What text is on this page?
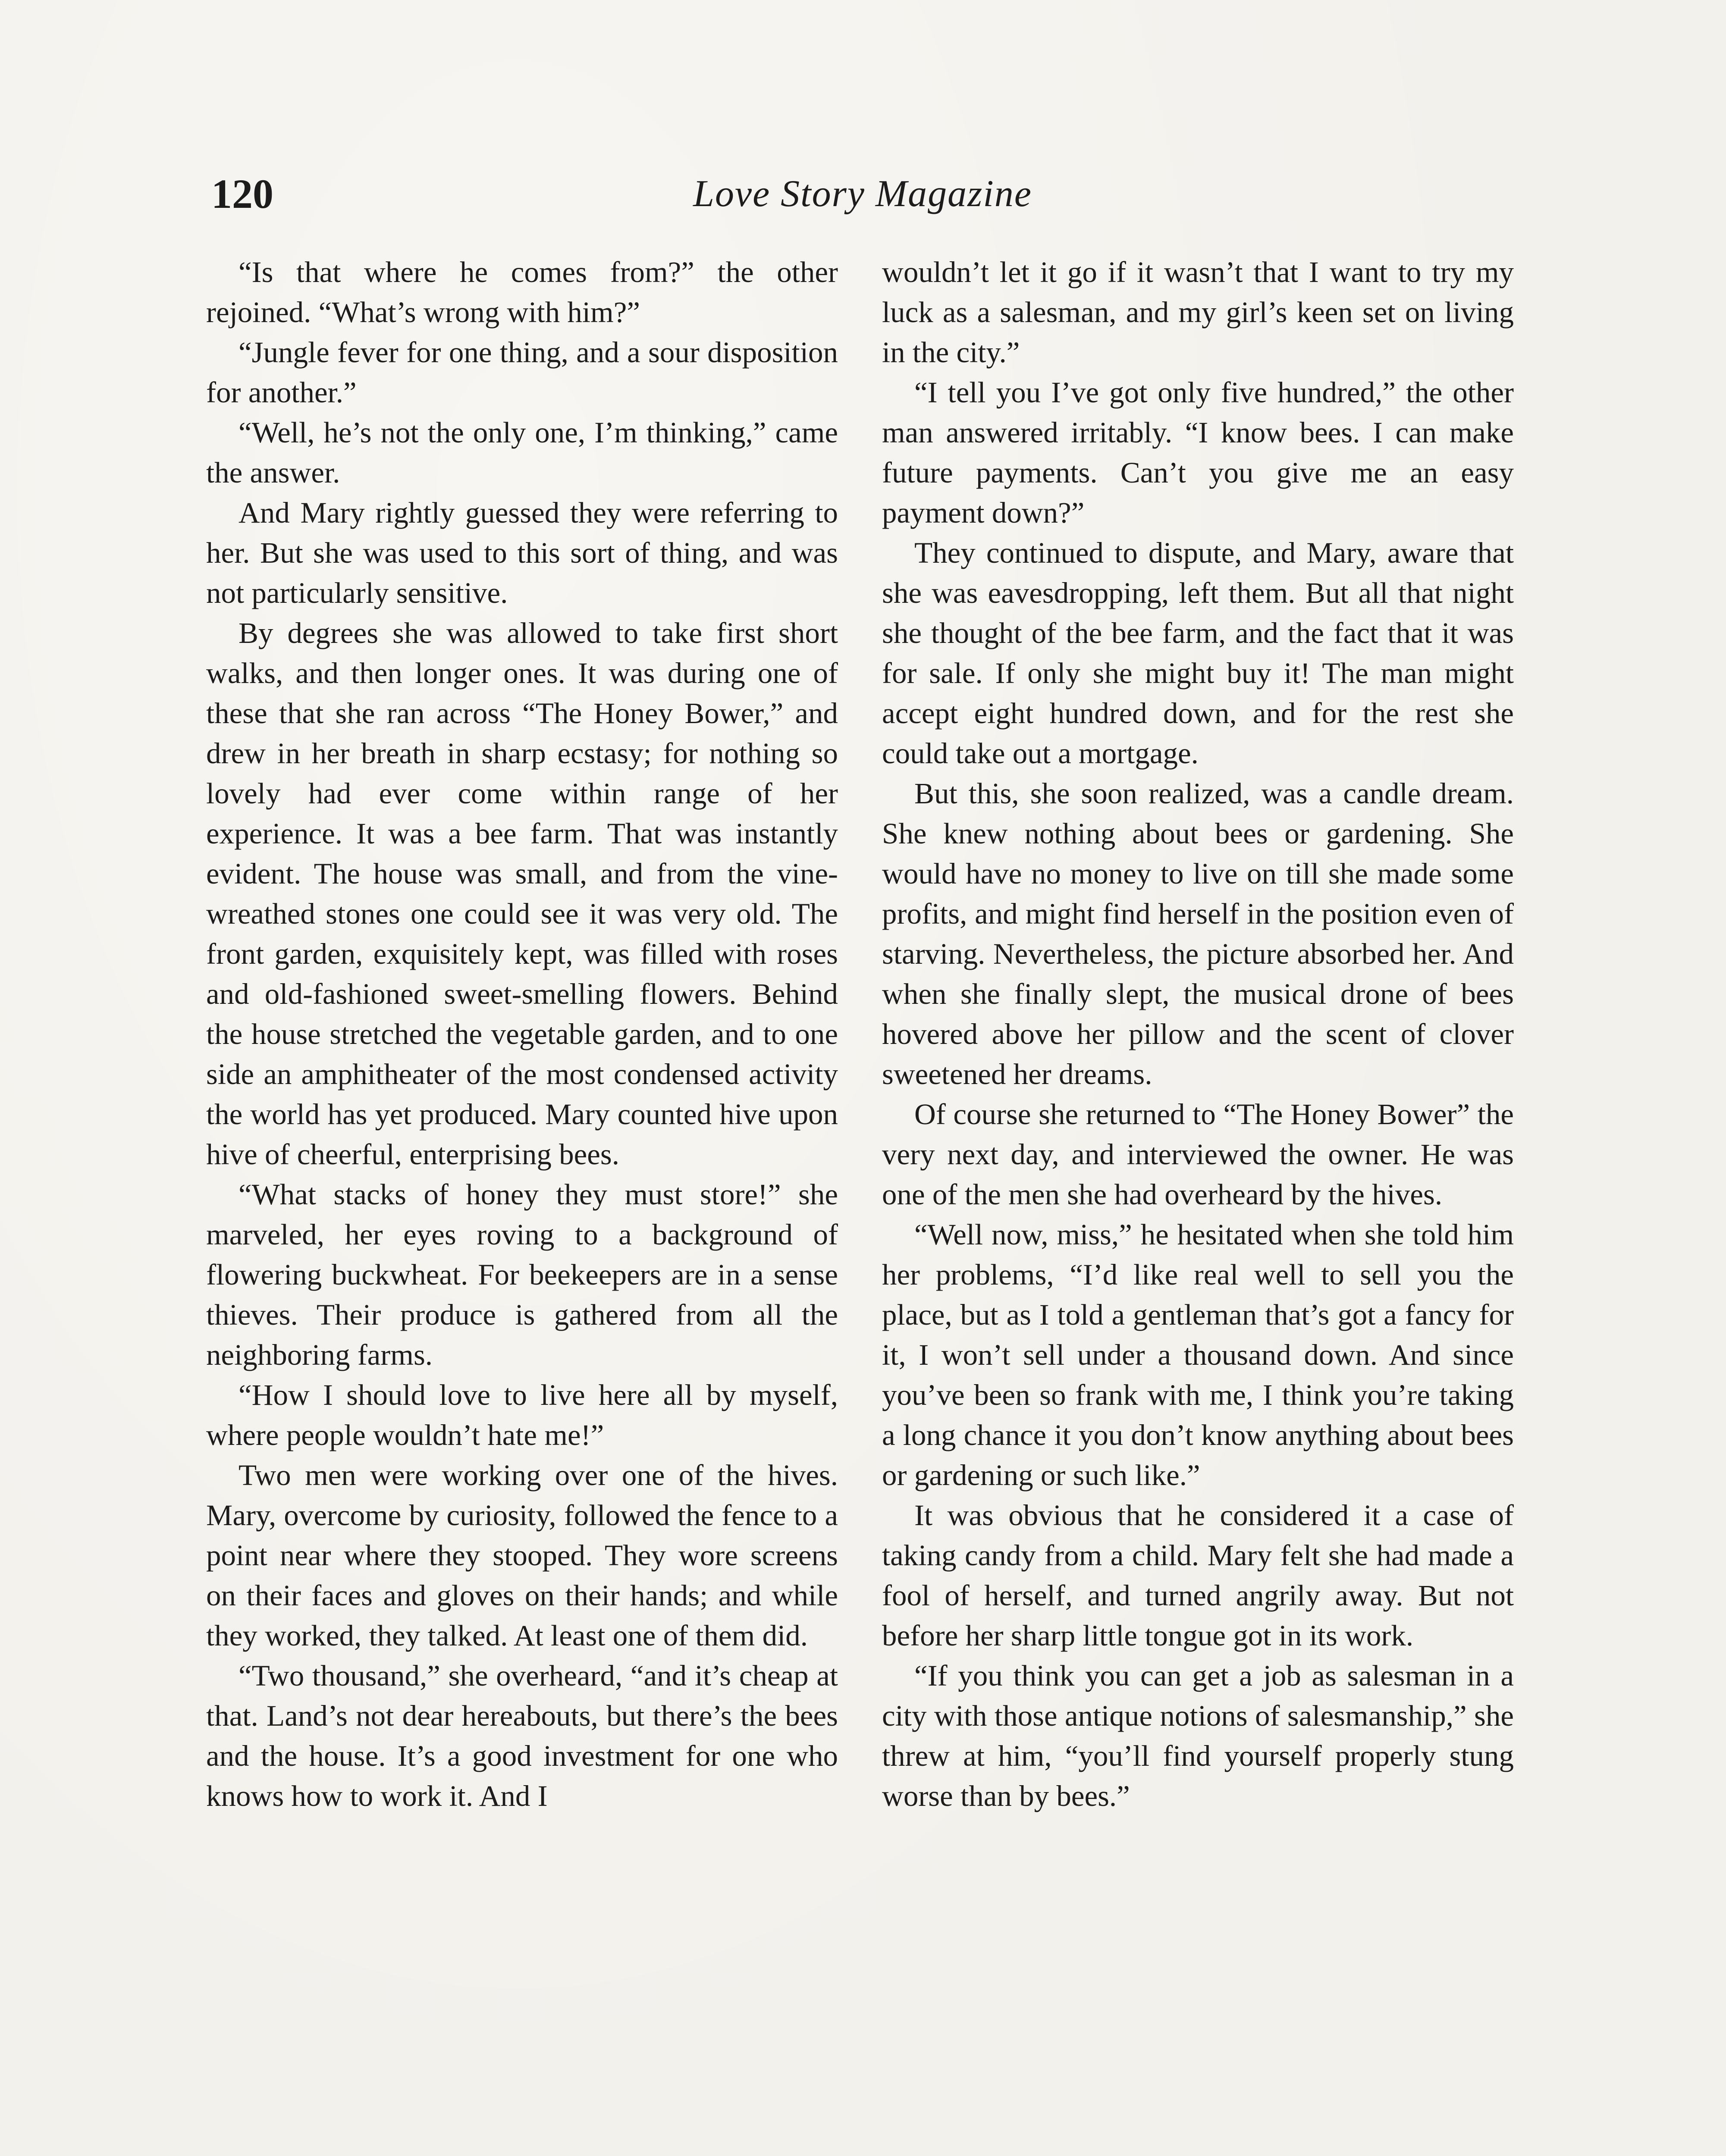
120	Love Story Magazine

“Is that where he comes from?” the other rejoined. “What’s wrong with him?”

“Jungle fever for one thing, and a sour disposition for another.”

“Well, he’s not the only one, I’m thinking,” came the answer.

And Mary rightly guessed they were referring to her. But she was used to this sort of thing, and was not particularly sensitive.

By degrees she was allowed to take first short walks, and then longer ones. It was during one of these that she ran across “The Honey Bower,” and drew in her breath in sharp ecstasy; for nothing so lovely had ever come within range of her experience. It was a bee farm. That was instantly evident. The house was small, and from the vine-wreathed stones one could see it was very old. The front garden, exquisitely kept, was filled with roses and old-fashioned sweet-smelling flowers. Behind the house stretched the vegetable garden, and to one side an amphitheater of the most condensed activity the world has yet produced. Mary counted hive upon hive of cheerful, enterprising bees.

“What stacks of honey they must store!” she marveled, her eyes roving to a background of flowering buckwheat. For beekeepers are in a sense thieves. Their produce is gathered from all the neighboring farms.

“How I should love to live here all by myself, where people wouldn’t hate me!”

Two men were working over one of the hives. Mary, overcome by curiosity, followed the fence to a point near where they stooped. They wore screens on their faces and gloves on their hands; and while they worked, they talked. At least one of them did.

“Two thousand,” she overheard, “and it’s cheap at that. Land’s not dear hereabouts, but there’s the bees and the house. It’s a good investment for one who knows how to work it. And I

wouldn’t let it go if it wasn’t that I want to try my luck as a salesman, and my girl’s keen set on living in the city.”

“I tell you I’ve got only five hundred,” the other man answered irritably. “I know bees. I can make future payments. Can’t you give me an easy payment down?”

They continued to dispute, and Mary, aware that she was eavesdropping, left them. But all that night she thought of the bee farm, and the fact that it was for sale. If only she might buy it! The man might accept eight hundred down, and for the rest she could take out a mortgage.

But this, she soon realized, was a candle dream. She knew nothing about bees or gardening. She would have no money to live on till she made some profits, and might find herself in the position even of starving. Nevertheless, the picture absorbed her. And when she finally slept, the musical drone of bees hovered above her pillow and the scent of clover sweetened her dreams.

Of course she returned to “The Honey Bower” the very next day, and interviewed the owner. He was one of the men she had overheard by the hives.

“Well now, miss,” he hesitated when she told him her problems, “I’d like real well to sell you the place, but as I told a gentleman that’s got a fancy for it, I won’t sell under a thousand down. And since you’ve been so frank with me, I think you’re taking a long chance it you don’t know anything about bees or gardening or such like.”

It was obvious that he considered it a case of taking candy from a child. Mary felt she had made a fool of herself, and turned angrily away. But not before her sharp little tongue got in its work.

“If you think you can get a job as salesman in a city with those antique notions of salesmanship,” she threw at him, “you’ll find yourself properly stung worse than by bees.”
